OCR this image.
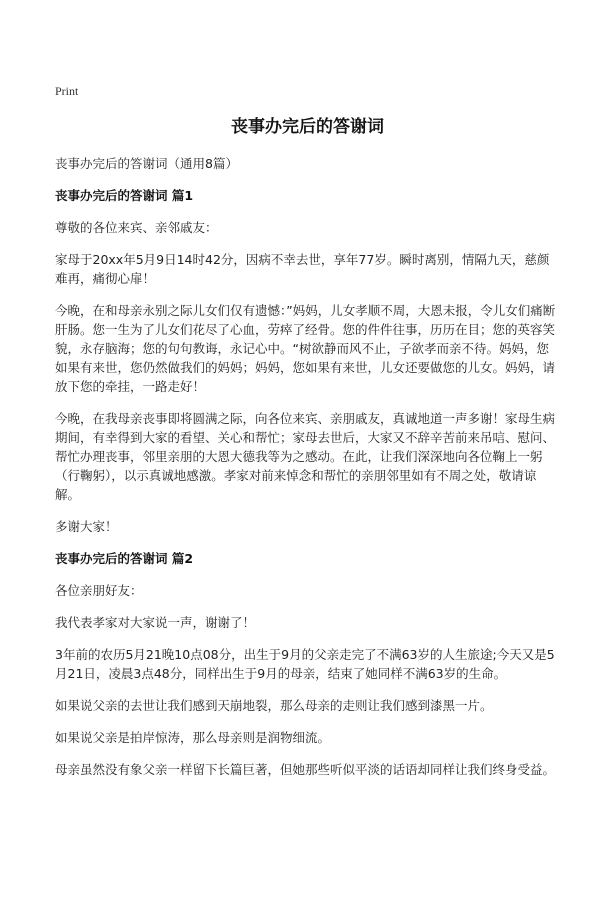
Print
丧事办完后的答谢词
丧事办完后的答谢词（通用8篇）
丧事办完后的答谢词 篇1
尊敬的各位来宾、亲邻戚友：
家母于20xx年5月9日14时42分，因病不幸去世，享年77岁。瞬时离别，情隔九天，慈颜难再，痛彻心扉！
今晚，在和母亲永别之际儿女们仅有遗憾：”妈妈，儿女孝顺不周，大恩未报，令儿女们痛断肝肠。您一生为了儿女们花尽了心血，劳瘁了经骨。您的件件往事，历历在目；您的英容笑貌，永存脑海；您的句句教诲，永记心中。“树欲静而风不止，子欲孝而亲不待。妈妈，您如果有来世，您仍然做我们的妈妈；妈妈，您如果有来世，儿女还要做您的儿女。妈妈，请放下您的牵挂，一路走好！
今晚，在我母亲丧事即将圆满之际，向各位来宾、亲朋戚友，真诚地道一声多谢！家母生病期间，有幸得到大家的看望、关心和帮忙；家母去世后，大家又不辞辛苦前来吊唁、慰问、帮忙办理丧事，邻里亲朋的大恩大德我等为之感动。在此，让我们深深地向各位鞠上一躬（行鞠躬），以示真诚地感激。孝家对前来悼念和帮忙的亲朋邻里如有不周之处，敬请谅解。
多谢大家！
丧事办完后的答谢词 篇2
各位亲朋好友：
我代表孝家对大家说一声，谢谢了！
3年前的农历5月21晚10点08分，出生于9月的父亲走完了不满63岁的人生旅途;今天又是5月21日，凌晨3点48分，同样出生于9月的母亲，结束了她同样不满63岁的生命。
如果说父亲的去世让我们感到天崩地裂，那么母亲的走则让我们感到漆黑一片。
如果说父亲是拍岸惊涛，那么母亲则是润物细流。
母亲虽然没有象父亲一样留下长篇巨著，但她那些听似平淡的话语却同样让我们终身受益。
